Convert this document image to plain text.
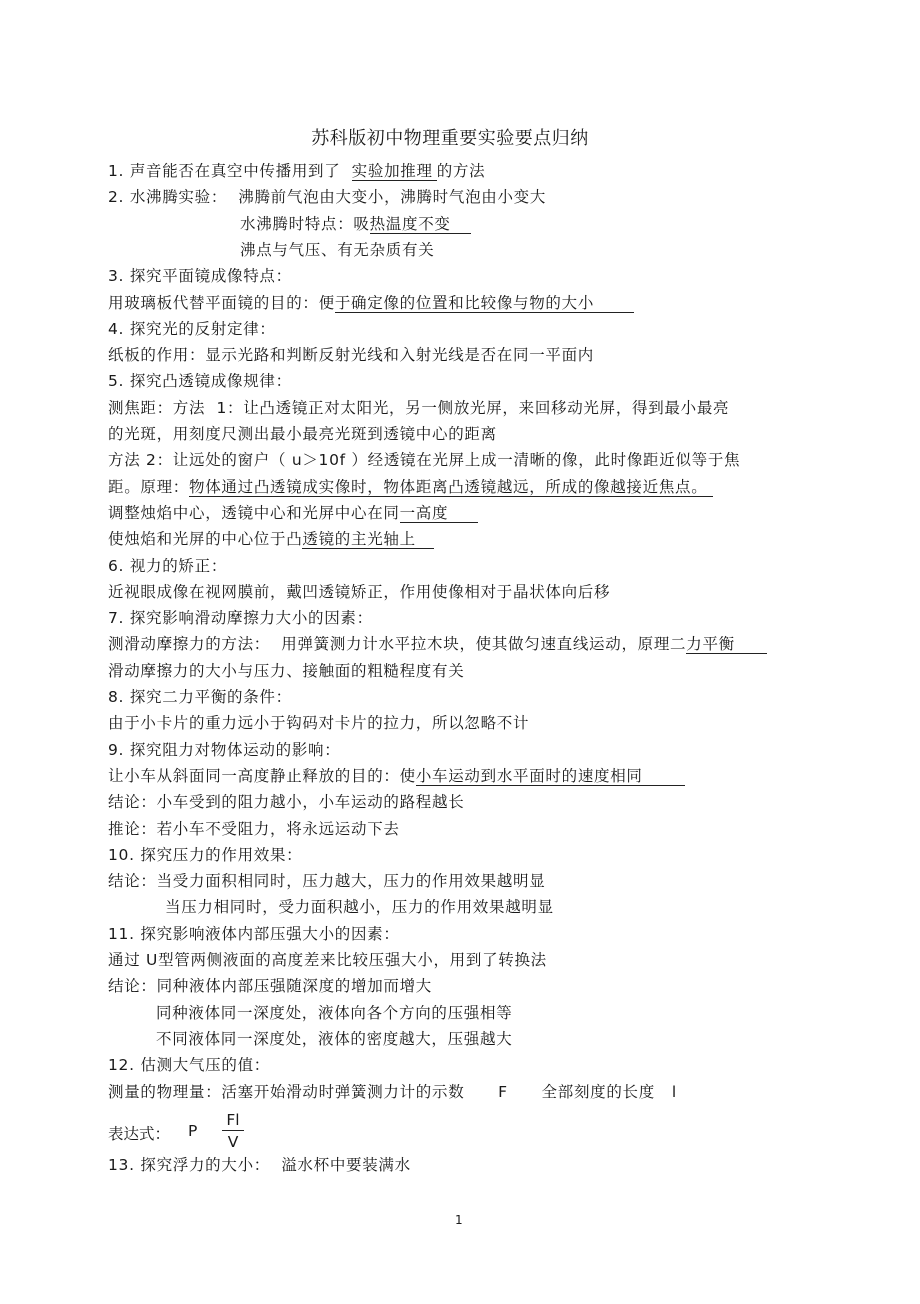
苏科版初中物理重要实验要点归纳
1. 声音能否在真空中传播用到了  实验加推理 的方法
2. 水沸腾实验：  沸腾前气泡由大变小，沸腾时气泡由小变大
水沸腾时特点：吸热温度不变
沸点与气压、有无杂质有关
3. 探究平面镜成像特点：
用玻璃板代替平面镜的目的：便于确定像的位置和比较像与物的大小
4. 探究光的反射定律：
纸板的作用：显示光路和判断反射光线和入射光线是否在同一平面内
5. 探究凸透镜成像规律：
测焦距：方法  1：让凸透镜正对太阳光，另一侧放光屏，来回移动光屏，得到最小最亮
的光斑，用刻度尺测出最小最亮光斑到透镜中心的距离
方法 2：让远处的窗户（ u＞10f ）经透镜在光屏上成一清晰的像，此时像距近似等于焦
距。原理：物体通过凸透镜成实像时，物体距离凸透镜越远，所成的像越接近焦点。
调整烛焰中心，透镜中心和光屏中心在同一高度
使烛焰和光屏的中心位于凸透镜的主光轴上
6. 视力的矫正：
近视眼成像在视网膜前，戴凹透镜矫正，作用使像相对于晶状体向后移
7. 探究影响滑动摩擦力大小的因素：
测滑动摩擦力的方法：  用弹簧测力计水平拉木块，使其做匀速直线运动，原理二力平衡
滑动摩擦力的大小与压力、接触面的粗糙程度有关
8. 探究二力平衡的条件：
由于小卡片的重力远小于钩码对卡片的拉力，所以忽略不计
9. 探究阻力对物体运动的影响：
让小车从斜面同一高度静止释放的目的：使小车运动到水平面时的速度相同
结论：小车受到的阻力越小，小车运动的路程越长
推论：若小车不受阻力，将永远运动下去
10. 探究压力的作用效果：
结论：当受力面积相同时，压力越大，压力的作用效果越明显
当压力相同时，受力面积越小，压力的作用效果越明显
11. 探究影响液体内部压强大小的因素：
通过 U型管两侧液面的高度差来比较压强大小，用到了转换法
结论：同种液体内部压强随深度的增加而增大
同种液体同一深度处，液体向各个方向的压强相等
不同液体同一深度处，液体的密度越大，压强越大
12. 估测大气压的值：
测量的物理量：活塞开始滑动时弹簧测力计的示数      F      全部刻度的长度   l
表达式： P $\frac{Fl}{V}$
13. 探究浮力的大小：  溢水杯中要装满水
1
